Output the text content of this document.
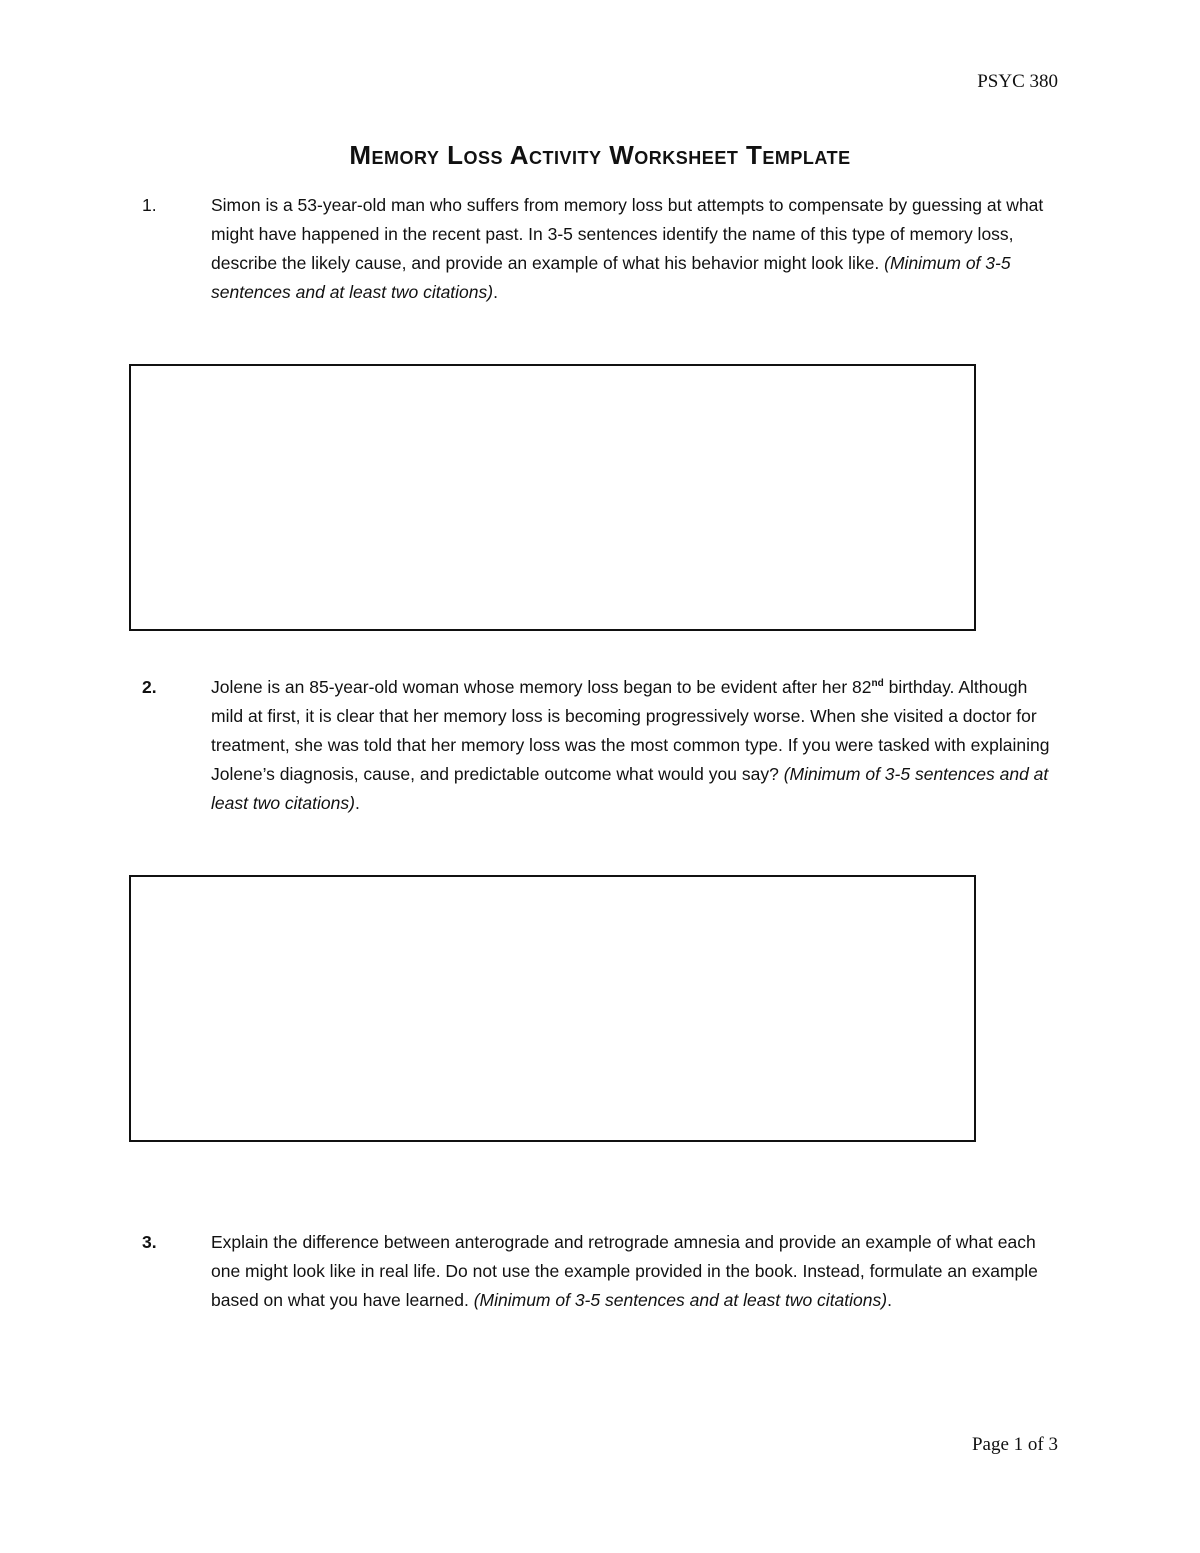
PSYC 380
Memory Loss Activity Worksheet Template
1.	Simon is a 53-year-old man who suffers from memory loss but attempts to compensate by guessing at what might have happened in the recent past. In 3-5 sentences identify the name of this type of memory loss, describe the likely cause, and provide an example of what his behavior might look like. (Minimum of 3-5 sentences and at least two citations).
2.	Jolene is an 85-year-old woman whose memory loss began to be evident after her 82nd birthday. Although mild at first, it is clear that her memory loss is becoming progressively worse. When she visited a doctor for treatment, she was told that her memory loss was the most common type. If you were tasked with explaining Jolene’s diagnosis, cause, and predictable outcome what would you say? (Minimum of 3-5 sentences and at least two citations).
3.	Explain the difference between anterograde and retrograde amnesia and provide an example of what each one might look like in real life. Do not use the example provided in the book. Instead, formulate an example based on what you have learned. (Minimum of 3-5 sentences and at least two citations).
Page 1 of 3
